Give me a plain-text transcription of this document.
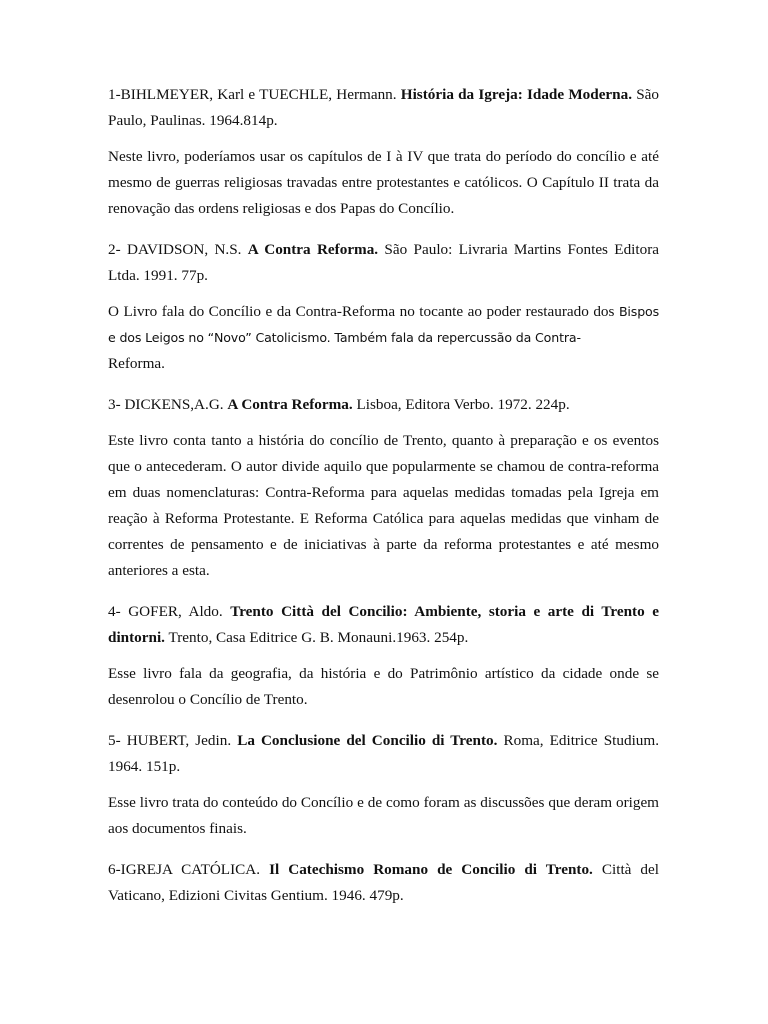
1-BIHLMEYER, Karl e TUECHLE, Hermann. História da Igreja: Idade Moderna. São Paulo, Paulinas. 1964.814p.

Neste livro, poderíamos usar os capítulos de I à IV que trata do período do concílio e até mesmo de guerras religiosas travadas entre protestantes e católicos. O Capítulo II trata da renovação das ordens religiosas e dos Papas do Concílio.

2- DAVIDSON, N.S. A Contra Reforma. São Paulo: Livraria Martins Fontes Editora Ltda. 1991. 77p.

O Livro fala do Concílio e da Contra-Reforma no tocante ao poder restaurado dos Bispos e dos Leigos no “Novo” Catolicismo. Também fala da repercussão da Contra-
Reforma.

3- DICKENS,A.G. A Contra Reforma. Lisboa, Editora Verbo. 1972. 224p.

Este livro conta tanto a história do concílio de Trento, quanto à preparação e os eventos que o antecederam. O autor divide aquilo que popularmente se chamou de contra-reforma em duas nomenclaturas: Contra-Reforma para aquelas medidas tomadas pela Igreja em reação à Reforma Protestante. E Reforma Católica para aquelas medidas que vinham de correntes de pensamento e de iniciativas à parte da reforma protestantes e até mesmo anteriores a esta.

4- GOFER, Aldo. Trento Città del Concilio: Ambiente, storia e arte di Trento e dintorni. Trento, Casa Editrice G. B. Monauni.1963. 254p.

Esse livro fala da geografia, da história e do Patrimônio artístico da cidade onde se desenrolou o Concílio de Trento.

5- HUBERT, Jedin. La Conclusione del Concilio di Trento. Roma, Editrice Studium. 1964. 151p.

Esse livro trata do conteúdo do Concílio e de como foram as discussões que deram origem aos documentos finais.

6-IGREJA CATÓLICA. Il Catechismo Romano de Concilio di Trento. Città del Vaticano, Edizioni Civitas Gentium. 1946. 479p.
